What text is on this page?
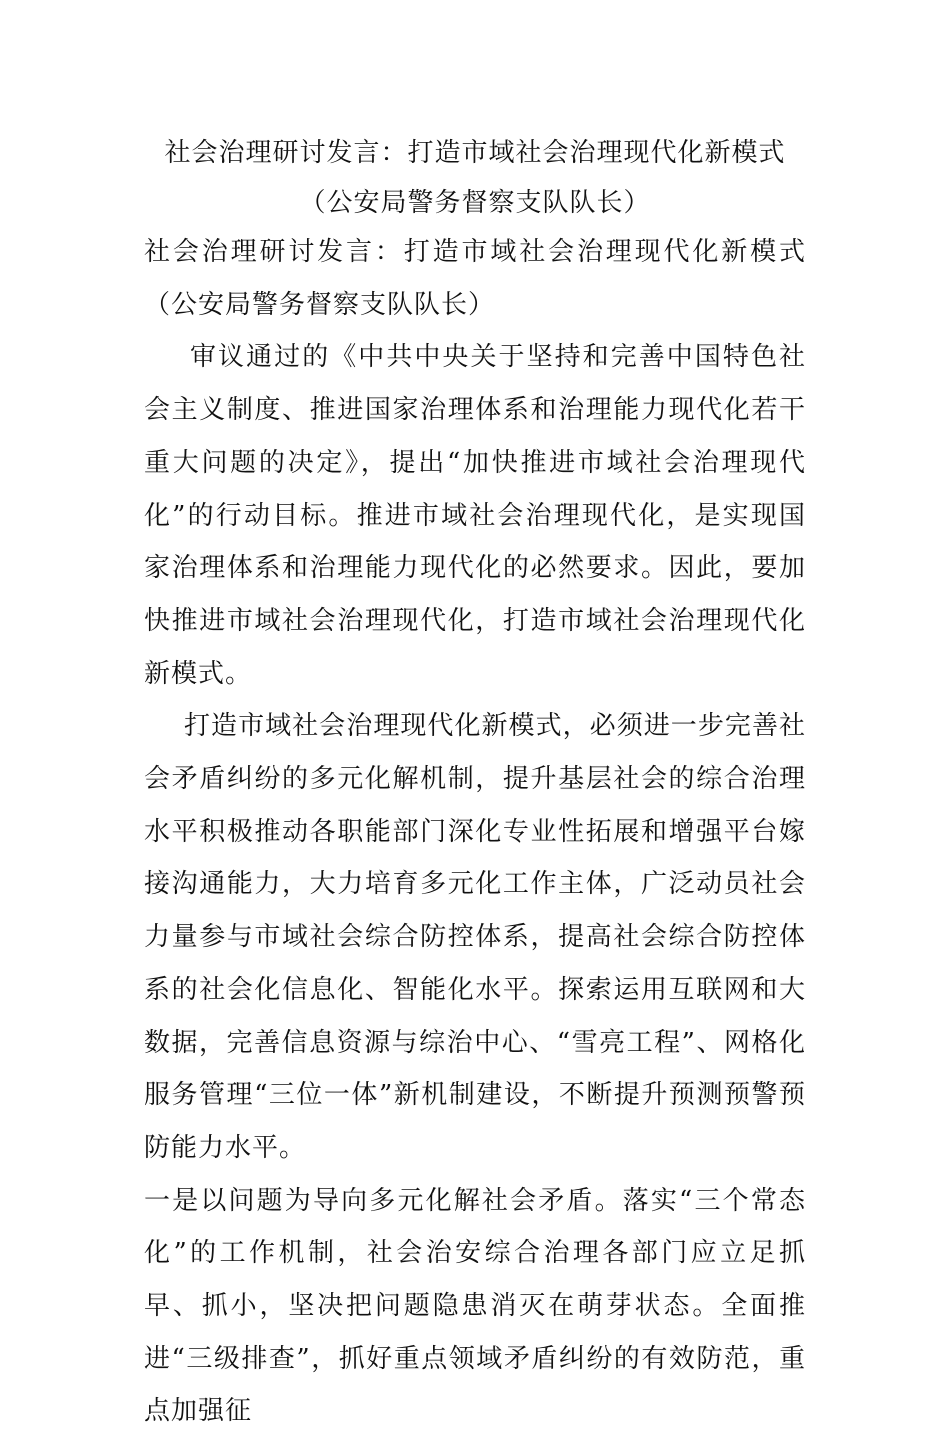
社会治理研讨发言：打造市域社会治理现代化新模式（公安局警务督察支队队长）

社会治理研讨发言：打造市域社会治理现代化新模式（公安局警务督察支队队长）

审议通过的《中共中央关于坚持和完善中国特色社会主义制度、推进国家治理体系和治理能力现代化若干重大问题的决定》，提出“加快推进市域社会治理现代化”的行动目标。推进市域社会治理现代化，是实现国家治理体系和治理能力现代化的必然要求。因此，要加快推进市域社会治理现代化，打造市域社会治理现代化新模式。

打造市域社会治理现代化新模式，必须进一步完善社会矛盾纠纷的多元化解机制，提升基层社会的综合治理水平积极推动各职能部门深化专业性拓展和增强平台嫁接沟通能力，大力培育多元化工作主体，广泛动员社会力量参与市域社会综合防控体系，提高社会综合防控体系的社会化信息化、智能化水平。探索运用互联网和大数据，完善信息资源与综治中心、“雪亮工程”、网格化服务管理“三位一体”新机制建设，不断提升预测预警预防能力水平。

一是以问题为导向多元化解社会矛盾。落实“三个常态化”的工作机制，社会治安综合治理各部门应立足抓早、抓小，坚决把问题隐患消灭在萌芽状态。全面推进“三级排查”，抓好重点领域矛盾纠纷的有效防范，重点加强征
